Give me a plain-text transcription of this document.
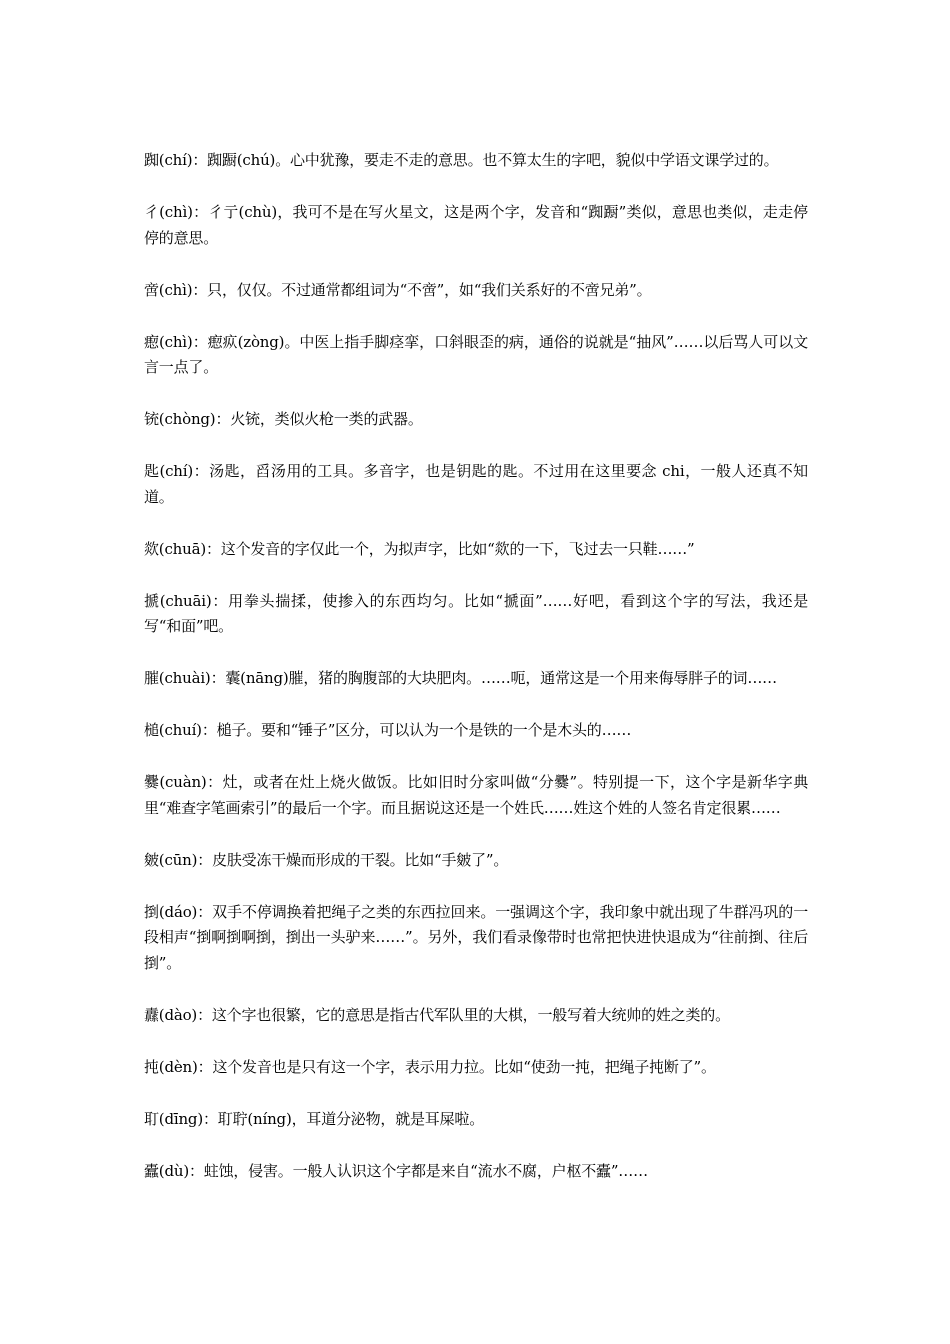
踟(chí)：踟蹰(chú)。心中犹豫，要走不走的意思。也不算太生的字吧，貌似中学语文课学过的。

彳(chì)：彳亍(chù)，我可不是在写火星文，这是两个字，发音和“踟蹰”类似，意思也类似，走走停停的意思。

啻(chì)：只，仅仅。不过通常都组词为“不啻”，如“我们关系好的不啻兄弟”。

瘛(chì)：瘛疭(zòng)。中医上指手脚痉挛，口斜眼歪的病，通俗的说就是“抽风”……以后骂人可以文言一点了。

铳(chòng)：火铳，类似火枪一类的武器。

匙(chí)：汤匙，舀汤用的工具。多音字，也是钥匙的匙。不过用在这里要念 chi，一般人还真不知道。

欻(chuā)：这个发音的字仅此一个，为拟声字，比如“欻的一下，飞过去一只鞋……”

搋(chuāi)：用拳头揣揉，使掺入的东西均匀。比如“搋面”……好吧，看到这个字的写法，我还是写“和面”吧。

膗(chuài)：囊(nāng)膗，猪的胸腹部的大块肥肉。……呃，通常这是一个用来侮辱胖子的词……

槌(chuí)：槌子。要和“锤子”区分，可以认为一个是铁的一个是木头的……

爨(cuàn)：灶，或者在灶上烧火做饭。比如旧时分家叫做“分爨”。特别提一下，这个字是新华字典里“难查字笔画索引”的最后一个字。而且据说这还是一个姓氏……姓这个姓的人签名肯定很累……

皴(cūn)：皮肤受冻干燥而形成的干裂。比如“手皴了”。

捯(dáo)：双手不停调换着把绳子之类的东西拉回来。一强调这个字，我印象中就出现了牛群冯巩的一段相声“捯啊捯啊捯，捯出一头驴来……”。另外，我们看录像带时也常把快进快退成为“往前捯、往后捯”。

纛(dào)：这个字也很繁，它的意思是指古代军队里的大棋，一般写着大统帅的姓之类的。

扽(dèn)：这个发音也是只有这一个字，表示用力拉。比如“使劲一扽，把绳子扽断了”。

耵(dīng)：耵聍(níng)，耳道分泌物，就是耳屎啦。

蠹(dù)：蛀蚀，侵害。一般人认识这个字都是来自“流水不腐，户枢不蠹”……
